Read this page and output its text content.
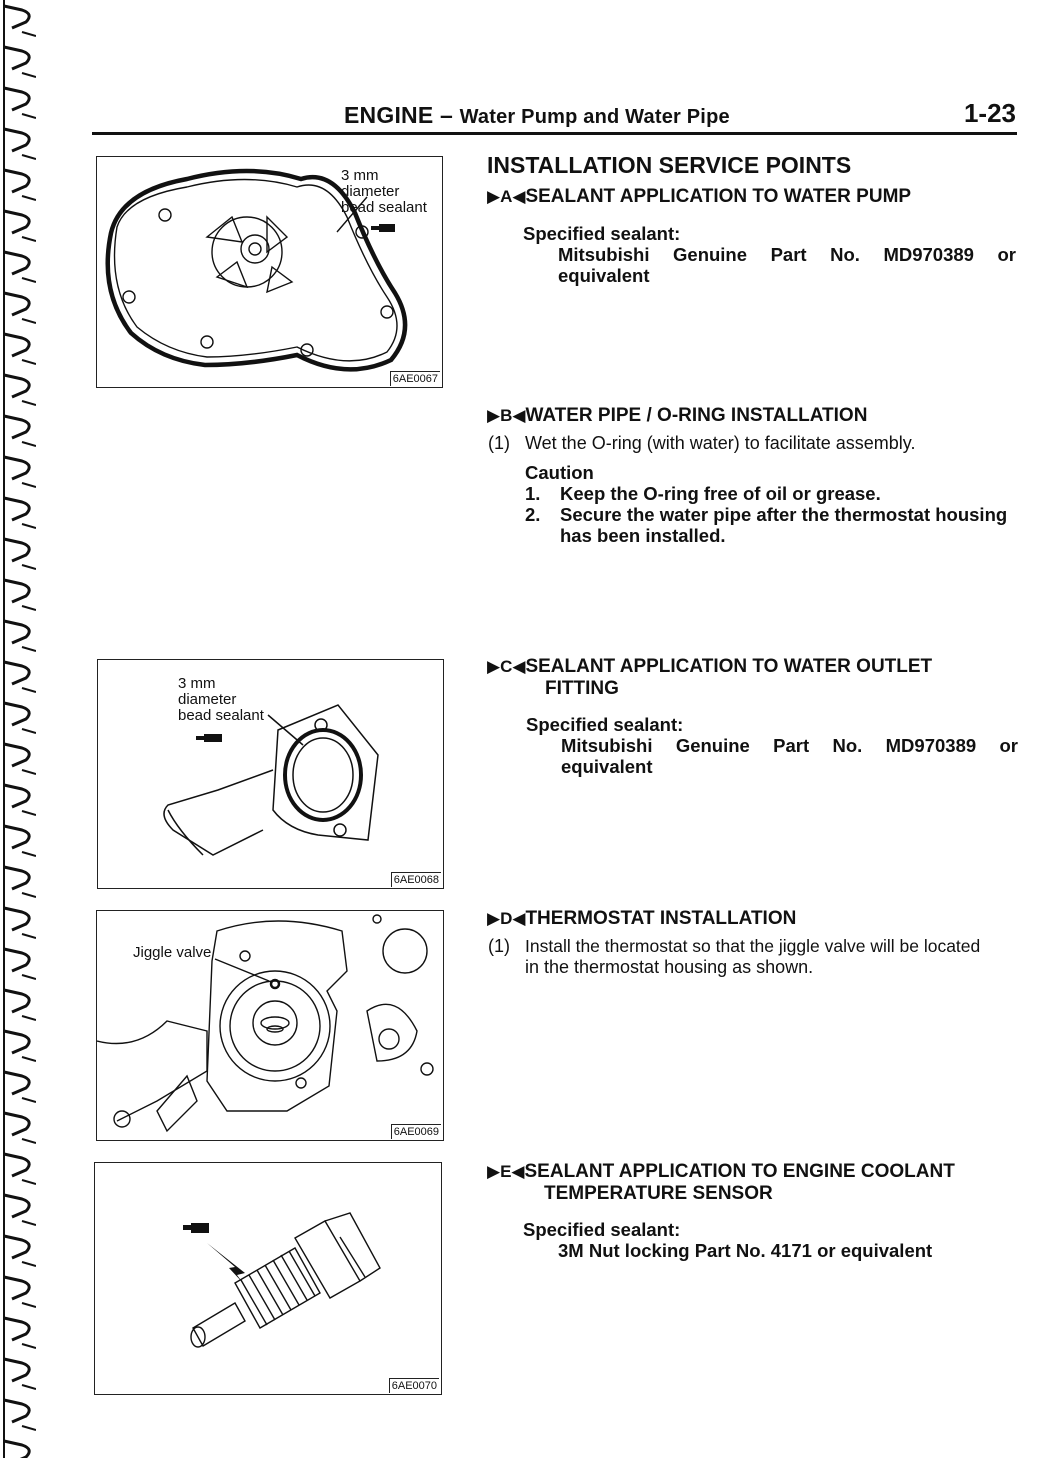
ENGINE – Water Pump and Water Pipe	1-23
3 mm
diameter
bead sealant
6AE0067
3 mm
diameter
bead sealant
6AE0068
Jiggle valve
6AE0069
6AE0070
INSTALLATION SERVICE POINTS
▶A◀SEALANT APPLICATION TO WATER PUMP
Specified sealant:
Mitsubishi Genuine Part No. MD970389 or
equivalent
▶B◀WATER PIPE / O-RING INSTALLATION
(1) Wet the O-ring (with water) to facilitate assembly.
Caution
1. Keep the O-ring free of oil or grease.
2. Secure the water pipe after the thermostat housing
has been installed.
▶C◀SEALANT APPLICATION TO WATER OUTLET
FITTING
Specified sealant:
Mitsubishi Genuine Part No. MD970389 or
equivalent
▶D◀THERMOSTAT INSTALLATION
(1) Install the thermostat so that the jiggle valve will be located
in the thermostat housing as shown.
▶E◀SEALANT APPLICATION TO ENGINE COOLANT
TEMPERATURE SENSOR
Specified sealant:
3M Nut locking Part No. 4171 or equivalent
